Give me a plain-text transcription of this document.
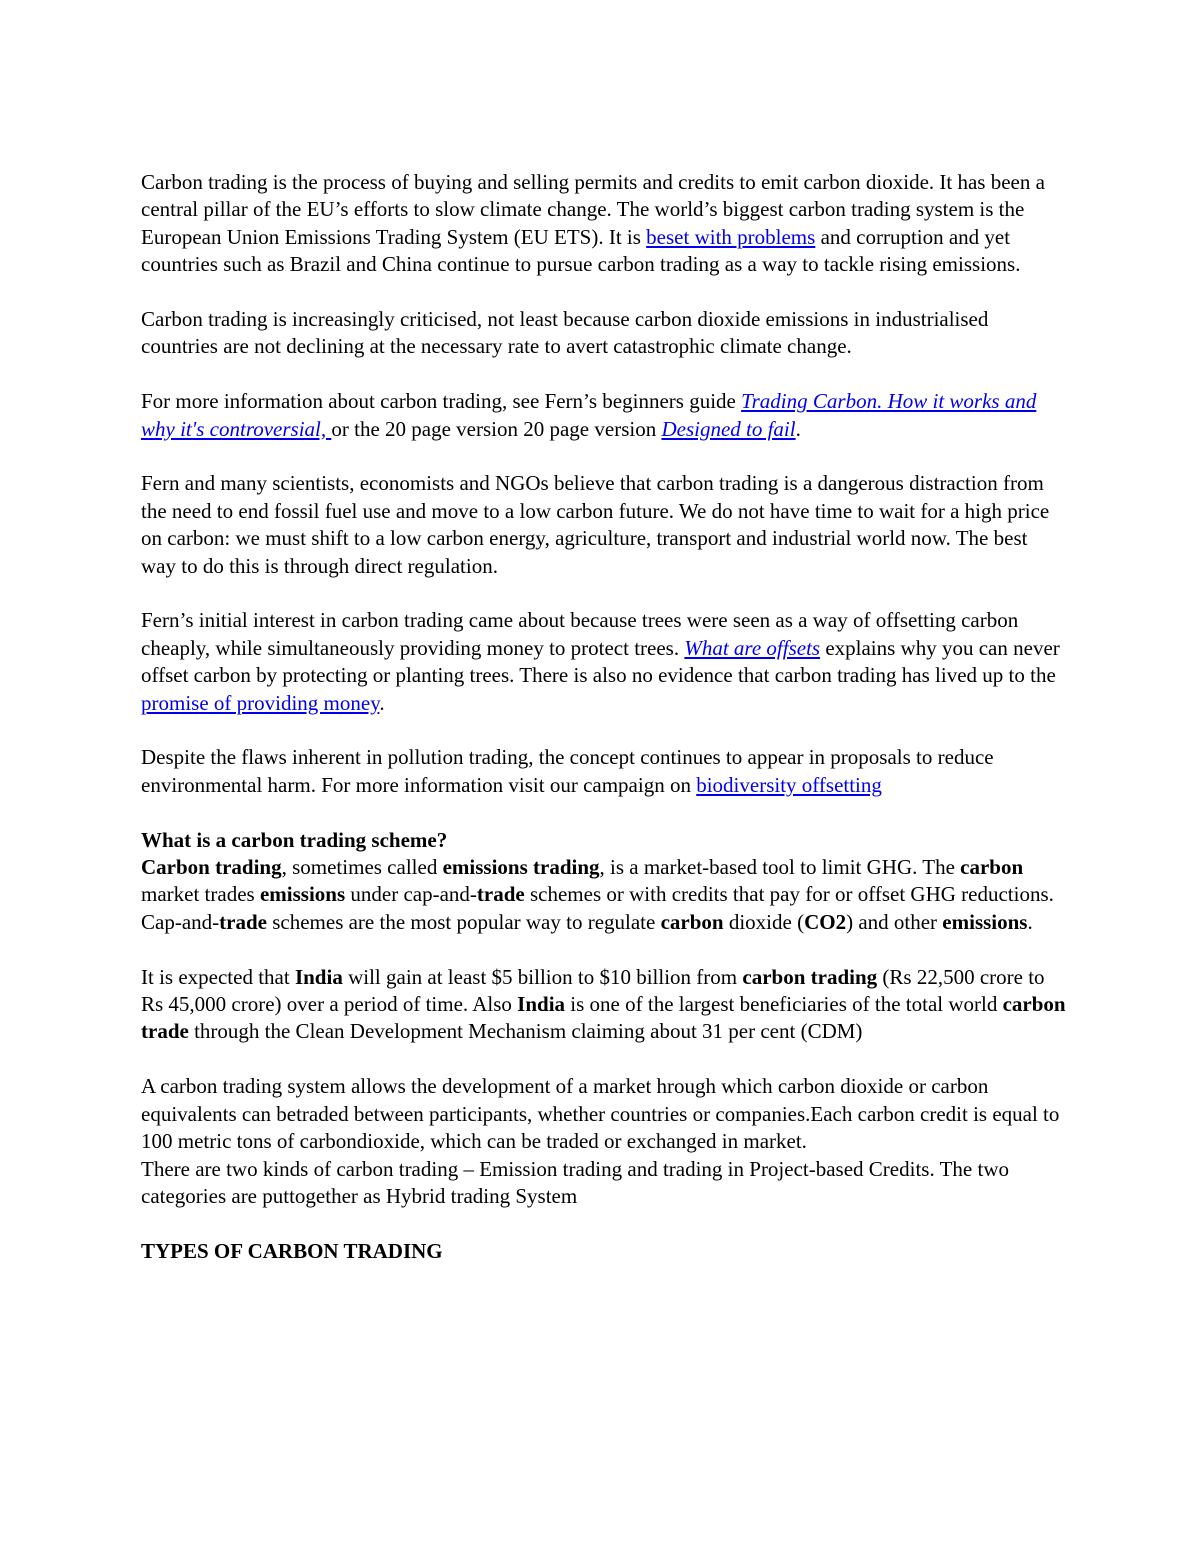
Carbon trading is the process of buying and selling permits and credits to emit carbon dioxide. It has been a central pillar of the EU’s efforts to slow climate change. The world’s biggest carbon trading system is the European Union Emissions Trading System (EU ETS). It is beset with problems and corruption and yet countries such as Brazil and China continue to pursue carbon trading as a way to tackle rising emissions.

Carbon trading is increasingly criticised, not least because carbon dioxide emissions in industrialised countries are not declining at the necessary rate to avert catastrophic climate change.

For more information about carbon trading, see Fern’s beginners guide Trading Carbon. How it works and why it's controversial, or the 20 page version 20 page version Designed to fail.

Fern and many scientists, economists and NGOs believe that carbon trading is a dangerous distraction from the need to end fossil fuel use and move to a low carbon future. We do not have time to wait for a high price on carbon: we must shift to a low carbon energy, agriculture, transport and industrial world now. The best way to do this is through direct regulation.

Fern’s initial interest in carbon trading came about because trees were seen as a way of offsetting carbon cheaply, while simultaneously providing money to protect trees. What are offsets explains why you can never offset carbon by protecting or planting trees. There is also no evidence that carbon trading has lived up to the promise of providing money.

Despite the flaws inherent in pollution trading, the concept continues to appear in proposals to reduce environmental harm. For more information visit our campaign on biodiversity offsetting

What is a carbon trading scheme?
Carbon trading, sometimes called emissions trading, is a market-based tool to limit GHG. The carbon market trades emissions under cap-and-trade schemes or with credits that pay for or offset GHG reductions. Cap-and-trade schemes are the most popular way to regulate carbon dioxide (CO2) and other emissions.

It is expected that India will gain at least $5 billion to $10 billion from carbon trading (Rs 22,500 crore to Rs 45,000 crore) over a period of time. Also India is one of the largest beneficiaries of the total world carbon trade through the Clean Development Mechanism claiming about 31 per cent (CDM)

A carbon trading system allows the development of a market hrough which carbon dioxide or carbon equivalents can betraded between participants, whether countries or companies.Each carbon credit is equal to 100 metric tons of carbondioxide, which can be traded or exchanged in market.

There are two kinds of carbon trading – Emission trading and trading in Project-based Credits. The two categories are puttogether as Hybrid trading System

TYPES OF CARBON TRADING
